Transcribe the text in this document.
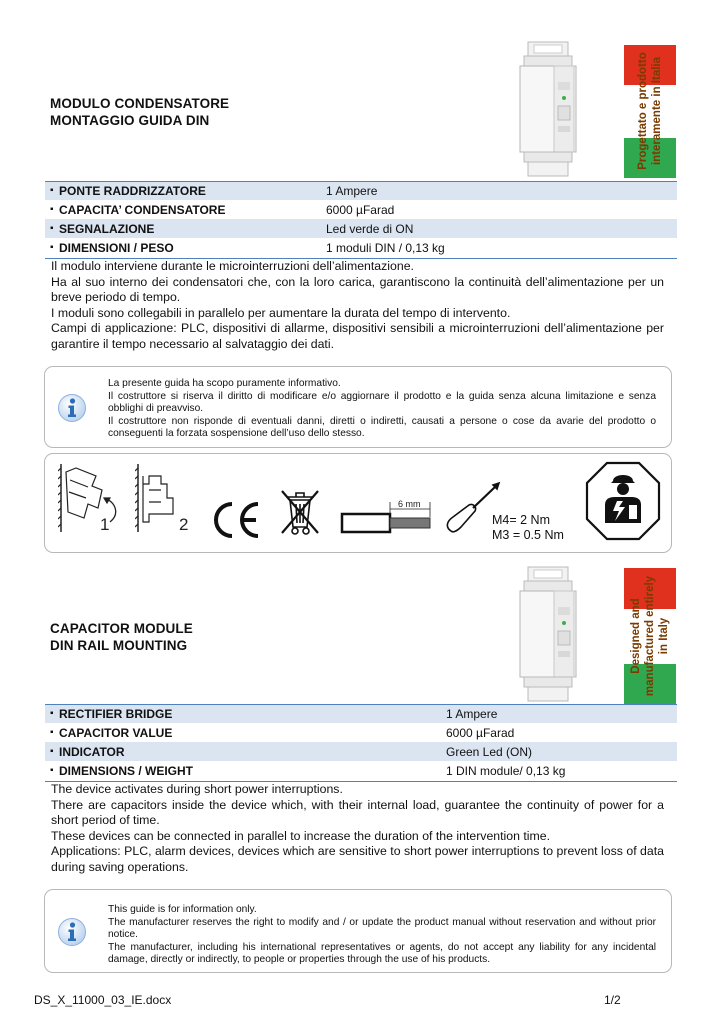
MODULO CONDENSATORE
MONTAGGIO GUIDA DIN	Progettato e prodotto interamente in Italia
▪ PONTE RADDRIZZATORE	1 Ampere
▪ CAPACITA’ CONDENSATORE	6000 µFarad
▪ SEGNALAZIONE	Led verde di ON
▪ DIMENSIONI / PESO	1 moduli DIN / 0,13 kg

Il modulo interviene durante le microinterruzioni dell’alimentazione.

Ha al suo interno dei condensatori che, con la loro carica, garantiscono la continuità dell’alimentazione per un breve periodo di tempo.

I moduli sono collegabili in parallelo per aumentare la durata del tempo di intervento.

Campi di applicazione: PLC, dispositivi di allarme, dispositivi sensibili a microinterruzioni dell’alimentazione per garantire il tempo necessario al salvataggio dei dati.

La presente guida ha scopo puramente informativo.

Il costruttore si riserva il diritto di modificare e/o aggiornare il prodotto e la guida senza alcuna limitazione e senza obblighi di preavviso.

Il costruttore non risponde di eventuali danni, diretti o indiretti, causati a persone o cose da avarie del prodotto o conseguenti la forzata sospensione dell’uso dello stesso.

1	2
6 mm
M4= 2 Nm
M3 = 0.5 Nm
CAPACITOR MODULE
DIN RAIL MOUNTING	Designed and manufactured entirely in Italy
▪ RECTIFIER BRIDGE	1 Ampere
▪ CAPACITOR VALUE	6000 µFarad
▪ INDICATOR	Green Led (ON)
▪ DIMENSIONS / WEIGHT	1 DIN module/ 0,13 kg

The device activates during short power interruptions.

There are capacitors inside the device which, with their internal load, guarantee the continuity of power for a short period of time.

These devices can be connected in parallel to increase the duration of the intervention time.

Applications: PLC, alarm devices, devices which are sensitive to short power interruptions to prevent loss of data during saving operations.

This guide is for information only.

The manufacturer reserves the right to modify and / or update the product manual without reservation and without prior notice.

The manufacturer, including his international representatives or agents, do not accept any liability for any incidental damage, directly or indirectly, to people or properties through the use of his products.

DS_X_11000_03_IE.docx	1/2
